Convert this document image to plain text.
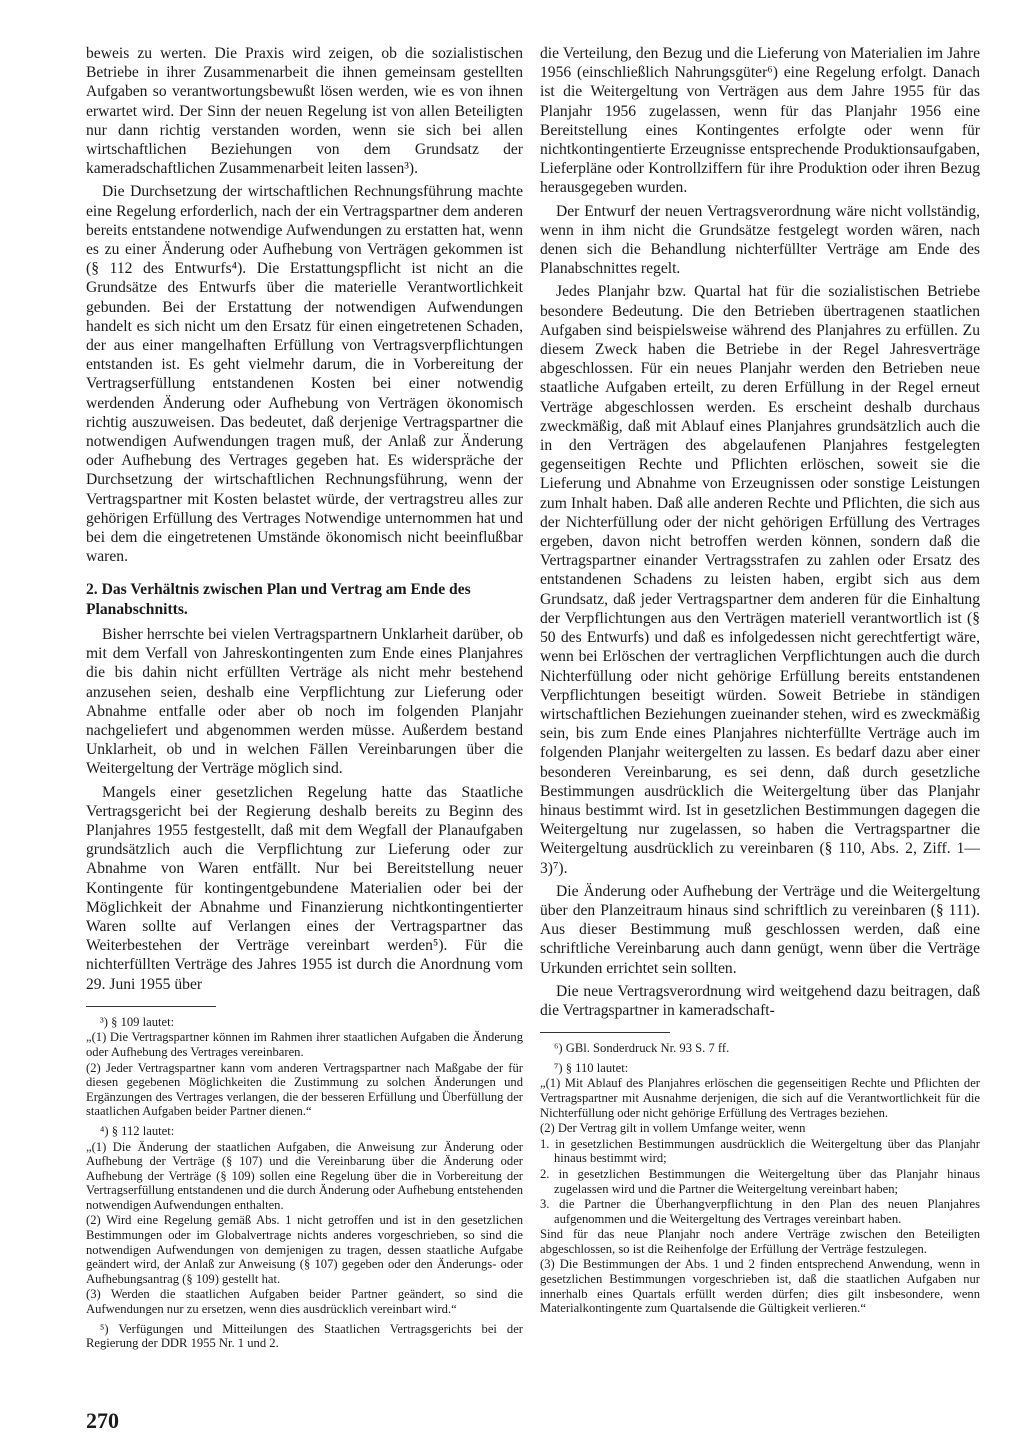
beweis zu werten. Die Praxis wird zeigen, ob die sozialistischen Betriebe in ihrer Zusammenarbeit die ihnen gemeinsam gestellten Aufgaben so verantwortungsbewußt lösen werden, wie es von ihnen erwartet wird. Der Sinn der neuen Regelung ist von allen Beteiligten nur dann richtig verstanden worden, wenn sie sich bei allen wirtschaftlichen Beziehungen von dem Grundsatz der kameradschaftlichen Zusammenarbeit leiten lassen³).

Die Durchsetzung der wirtschaftlichen Rechnungsführung machte eine Regelung erforderlich, nach der ein Vertragspartner dem anderen bereits entstandene notwendige Aufwendungen zu erstatten hat, wenn es zu einer Änderung oder Aufhebung von Verträgen gekommen ist (§ 112 des Entwurfs⁴). Die Erstattungspflicht ist nicht an die Grundsätze des Entwurfs über die materielle Verantwortlichkeit gebunden. Bei der Erstattung der notwendigen Aufwendungen handelt es sich nicht um den Ersatz für einen eingetretenen Schaden, der aus einer mangelhaften Erfüllung von Vertragsverpflichtungen entstanden ist. Es geht vielmehr darum, die in Vorbereitung der Vertragserfüllung entstandenen Kosten bei einer notwendig werdenden Änderung oder Aufhebung von Verträgen ökonomisch richtig auszuweisen. Das bedeutet, daß derjenige Vertragspartner die notwendigen Aufwendungen tragen muß, der Anlaß zur Änderung oder Aufhebung des Vertrages gegeben hat. Es widerspräche der Durchsetzung der wirtschaftlichen Rechnungsführung, wenn der Vertragspartner mit Kosten belastet würde, der vertragstreu alles zur gehörigen Erfüllung des Vertrages Notwendige unternommen hat und bei dem die eingetretenen Umstände ökonomisch nicht beeinflußbar waren.

2. Das Verhältnis zwischen Plan und Vertrag am Ende des Planabschnitts.

Bisher herrschte bei vielen Vertragspartnern Unklarheit darüber, ob mit dem Verfall von Jahreskontingenten zum Ende eines Planjahres die bis dahin nicht erfüllten Verträge als nicht mehr bestehend anzusehen seien, deshalb eine Verpflichtung zur Lieferung oder Abnahme entfalle oder aber ob noch im folgenden Planjahr nachgeliefert und abgenommen werden müsse. Außerdem bestand Unklarheit, ob und in welchen Fällen Vereinbarungen über die Weitergeltung der Verträge möglich sind.

Mangels einer gesetzlichen Regelung hatte das Staatliche Vertragsgericht bei der Regierung deshalb bereits zu Beginn des Planjahres 1955 festgestellt, daß mit dem Wegfall der Planaufgaben grundsätzlich auch die Verpflichtung zur Lieferung oder zur Abnahme von Waren entfällt. Nur bei Bereitstellung neuer Kontingente für kontingentgebundene Materialien oder bei der Möglichkeit der Abnahme und Finanzierung nichtkontingentierter Waren sollte auf Verlangen eines der Vertragspartner das Weiterbestehen der Verträge vereinbart werden⁵). Für die nichterfüllten Verträge des Jahres 1955 ist durch die Anordnung vom 29. Juni 1955 über

³) § 109 lautet:

„(1) Die Vertragspartner können im Rahmen ihrer staatlichen Aufgaben die Änderung oder Aufhebung des Vertrages vereinbaren.

(2) Jeder Vertragspartner kann vom anderen Vertragspartner nach Maßgabe der für diesen gegebenen Möglichkeiten die Zustimmung zu solchen Änderungen und Ergänzungen des Vertrages verlangen, die der besseren Erfüllung und Überfüllung der staatlichen Aufgaben beider Partner dienen.“

⁴) § 112 lautet:

„(1) Die Änderung der staatlichen Aufgaben, die Anweisung zur Änderung oder Aufhebung der Verträge (§ 107) und die Vereinbarung über die Änderung oder Aufhebung der Verträge (§ 109) sollen eine Regelung über die in Vorbereitung der Vertragserfüllung entstandenen und die durch Änderung oder Aufhebung entstehenden notwendigen Aufwendungen enthalten.

(2) Wird eine Regelung gemäß Abs. 1 nicht getroffen und ist in den gesetzlichen Bestimmungen oder im Globalvertrage nichts anderes vorgeschrieben, so sind die notwendigen Aufwendungen von demjenigen zu tragen, dessen staatliche Aufgabe geändert wird, der Anlaß zur Anweisung (§ 107) gegeben oder den Änderungs- oder Aufhebungsantrag (§ 109) gestellt hat.

(3) Werden die staatlichen Aufgaben beider Partner geändert, so sind die Aufwendungen nur zu ersetzen, wenn dies ausdrücklich vereinbart wird.“

⁵) Verfügungen und Mitteilungen des Staatlichen Vertragsgerichts bei der Regierung der DDR 1955 Nr. 1 und 2.

die Verteilung, den Bezug und die Lieferung von Materialien im Jahre 1956 (einschließlich Nahrungsgüter⁶) eine Regelung erfolgt. Danach ist die Weitergeltung von Verträgen aus dem Jahre 1955 für das Planjahr 1956 zugelassen, wenn für das Planjahr 1956 eine Bereitstellung eines Kontingentes erfolgte oder wenn für nichtkontingentierte Erzeugnisse entsprechende Produktionsaufgaben, Lieferpläne oder Kontrollziffern für ihre Produktion oder ihren Bezug herausgegeben wurden.

Der Entwurf der neuen Vertragsverordnung wäre nicht vollständig, wenn in ihm nicht die Grundsätze festgelegt worden wären, nach denen sich die Behandlung nichterfüllter Verträge am Ende des Planabschnittes regelt.

Jedes Planjahr bzw. Quartal hat für die sozialistischen Betriebe besondere Bedeutung. Die den Betrieben übertragenen staatlichen Aufgaben sind beispielsweise während des Planjahres zu erfüllen. Zu diesem Zweck haben die Betriebe in der Regel Jahresverträge abgeschlossen. Für ein neues Planjahr werden den Betrieben neue staatliche Aufgaben erteilt, zu deren Erfüllung in der Regel erneut Verträge abgeschlossen werden. Es erscheint deshalb durchaus zweckmäßig, daß mit Ablauf eines Planjahres grundsätzlich auch die in den Verträgen des abgelaufenen Planjahres festgelegten gegenseitigen Rechte und Pflichten erlöschen, soweit sie die Lieferung und Abnahme von Erzeugnissen oder sonstige Leistungen zum Inhalt haben. Daß alle anderen Rechte und Pflichten, die sich aus der Nichterfüllung oder der nicht gehörigen Erfüllung des Vertrages ergeben, davon nicht betroffen werden können, sondern daß die Vertragspartner einander Vertragsstrafen zu zahlen oder Ersatz des entstandenen Schadens zu leisten haben, ergibt sich aus dem Grundsatz, daß jeder Vertragspartner dem anderen für die Einhaltung der Verpflichtungen aus den Verträgen materiell verantwortlich ist (§ 50 des Entwurfs) und daß es infolgedessen nicht gerechtfertigt wäre, wenn bei Erlöschen der vertraglichen Verpflichtungen auch die durch Nichterfüllung oder nicht gehörige Erfüllung bereits entstandenen Verpflichtungen beseitigt würden. Soweit Betriebe in ständigen wirtschaftlichen Beziehungen zueinander stehen, wird es zweckmäßig sein, bis zum Ende eines Planjahres nichterfüllte Verträge auch im folgenden Planjahr weitergelten zu lassen. Es bedarf dazu aber einer besonderen Vereinbarung, es sei denn, daß durch gesetzliche Bestimmungen ausdrücklich die Weitergeltung über das Planjahr hinaus bestimmt wird. Ist in gesetzlichen Bestimmungen dagegen die Weitergeltung nur zugelassen, so haben die Vertragspartner die Weitergeltung ausdrücklich zu vereinbaren (§ 110, Abs. 2, Ziff. 1—3)⁷).

Die Änderung oder Aufhebung der Verträge und die Weitergeltung über den Planzeitraum hinaus sind schriftlich zu vereinbaren (§ 111). Aus dieser Bestimmung muß geschlossen werden, daß eine schriftliche Vereinbarung auch dann genügt, wenn über die Verträge Urkunden errichtet sein sollten.

Die neue Vertragsverordnung wird weitgehend dazu beitragen, daß die Vertragspartner in kameradschaft-

⁶) GBl. Sonderdruck Nr. 93 S. 7 ff.

⁷) § 110 lautet:

„(1) Mit Ablauf des Planjahres erlöschen die gegenseitigen Rechte und Pflichten der Vertragspartner mit Ausnahme derjenigen, die sich auf die Verantwortlichkeit für die Nichterfüllung oder nicht gehörige Erfüllung des Vertrages beziehen.

(2) Der Vertrag gilt in vollem Umfange weiter, wenn

1. in gesetzlichen Bestimmungen ausdrücklich die Weitergeltung über das Planjahr hinaus bestimmt wird;

2. in gesetzlichen Bestimmungen die Weitergeltung über das Planjahr hinaus zugelassen wird und die Partner die Weitergeltung vereinbart haben;

3. die Partner die Überhangverpflichtung in den Plan des neuen Planjahres aufgenommen und die Weitergeltung des Vertrages vereinbart haben.

Sind für das neue Planjahr noch andere Verträge zwischen den Beteiligten abgeschlossen, so ist die Reihenfolge der Erfüllung der Verträge festzulegen.

(3) Die Bestimmungen der Abs. 1 und 2 finden entsprechend Anwendung, wenn in gesetzlichen Bestimmungen vorgeschrieben ist, daß die staatlichen Aufgaben nur innerhalb eines Quartals erfüllt werden dürfen; dies gilt insbesondere, wenn Materialkontingente zum Quartalsende die Gültigkeit verlieren.“

270
